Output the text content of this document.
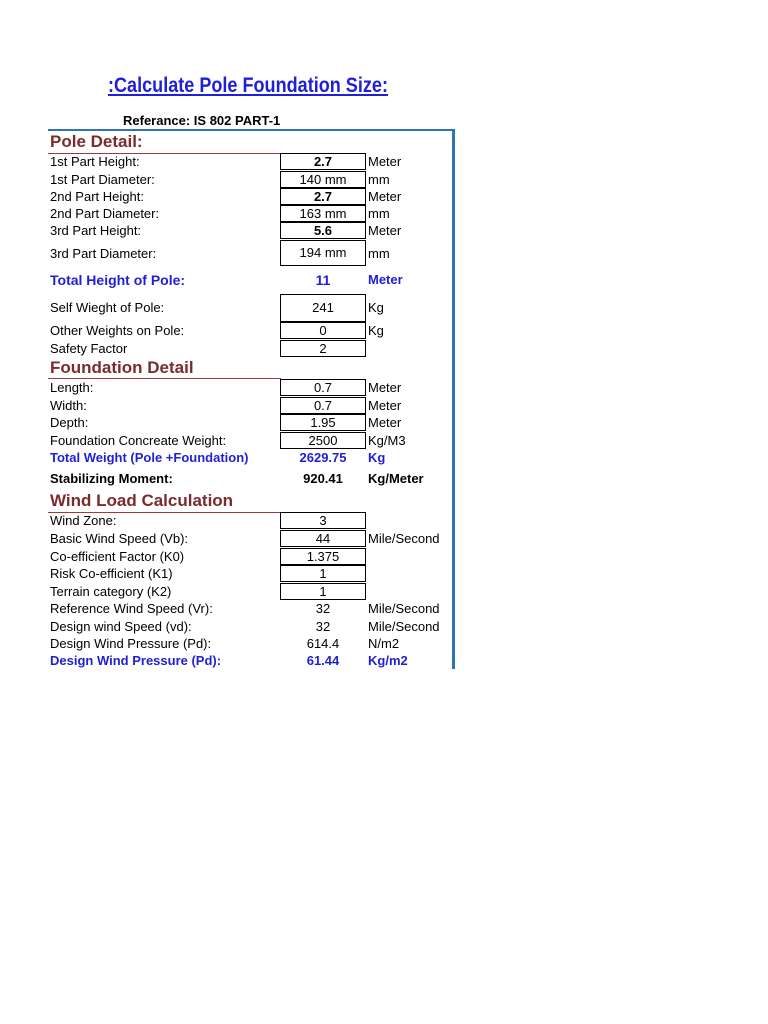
:Calculate Pole Foundation Size:
Referance: IS 802 PART-1
Pole Detail:
1st Part Height:	2.7	Meter
1st Part Diameter:	140 mm	mm
2nd Part Height:	2.7	Meter
2nd Part Diameter:	163 mm	mm
3rd Part Height:	5.6	Meter
3rd Part Diameter:	194 mm	mm
Total Height of Pole:	11	Meter
Self Wieght of Pole:	241	Kg
Other Weights on Pole:	0	Kg
Safety Factor	2
Foundation Detail
Length:	0.7	Meter
Width:	0.7	Meter
Depth:	1.95	Meter
Foundation Concreate Weight:	2500	Kg/M3
Total Weight (Pole +Foundation)	2629.75	Kg
Stabilizing Moment:	920.41	Kg/Meter
Wind Load Calculation
Wind Zone:	3
Basic Wind Speed (Vb):	44	Mile/Second
Co-efficient Factor (K0)	1.375
Risk Co-efficient (K1)	1
Terrain category (K2)	1
Reference Wind Speed (Vr):	32	Mile/Second
Design wind Speed (vd):	32	Mile/Second
Design Wind Pressure (Pd):	614.4	N/m2
Design Wind Pressure (Pd):	61.44	Kg/m2
